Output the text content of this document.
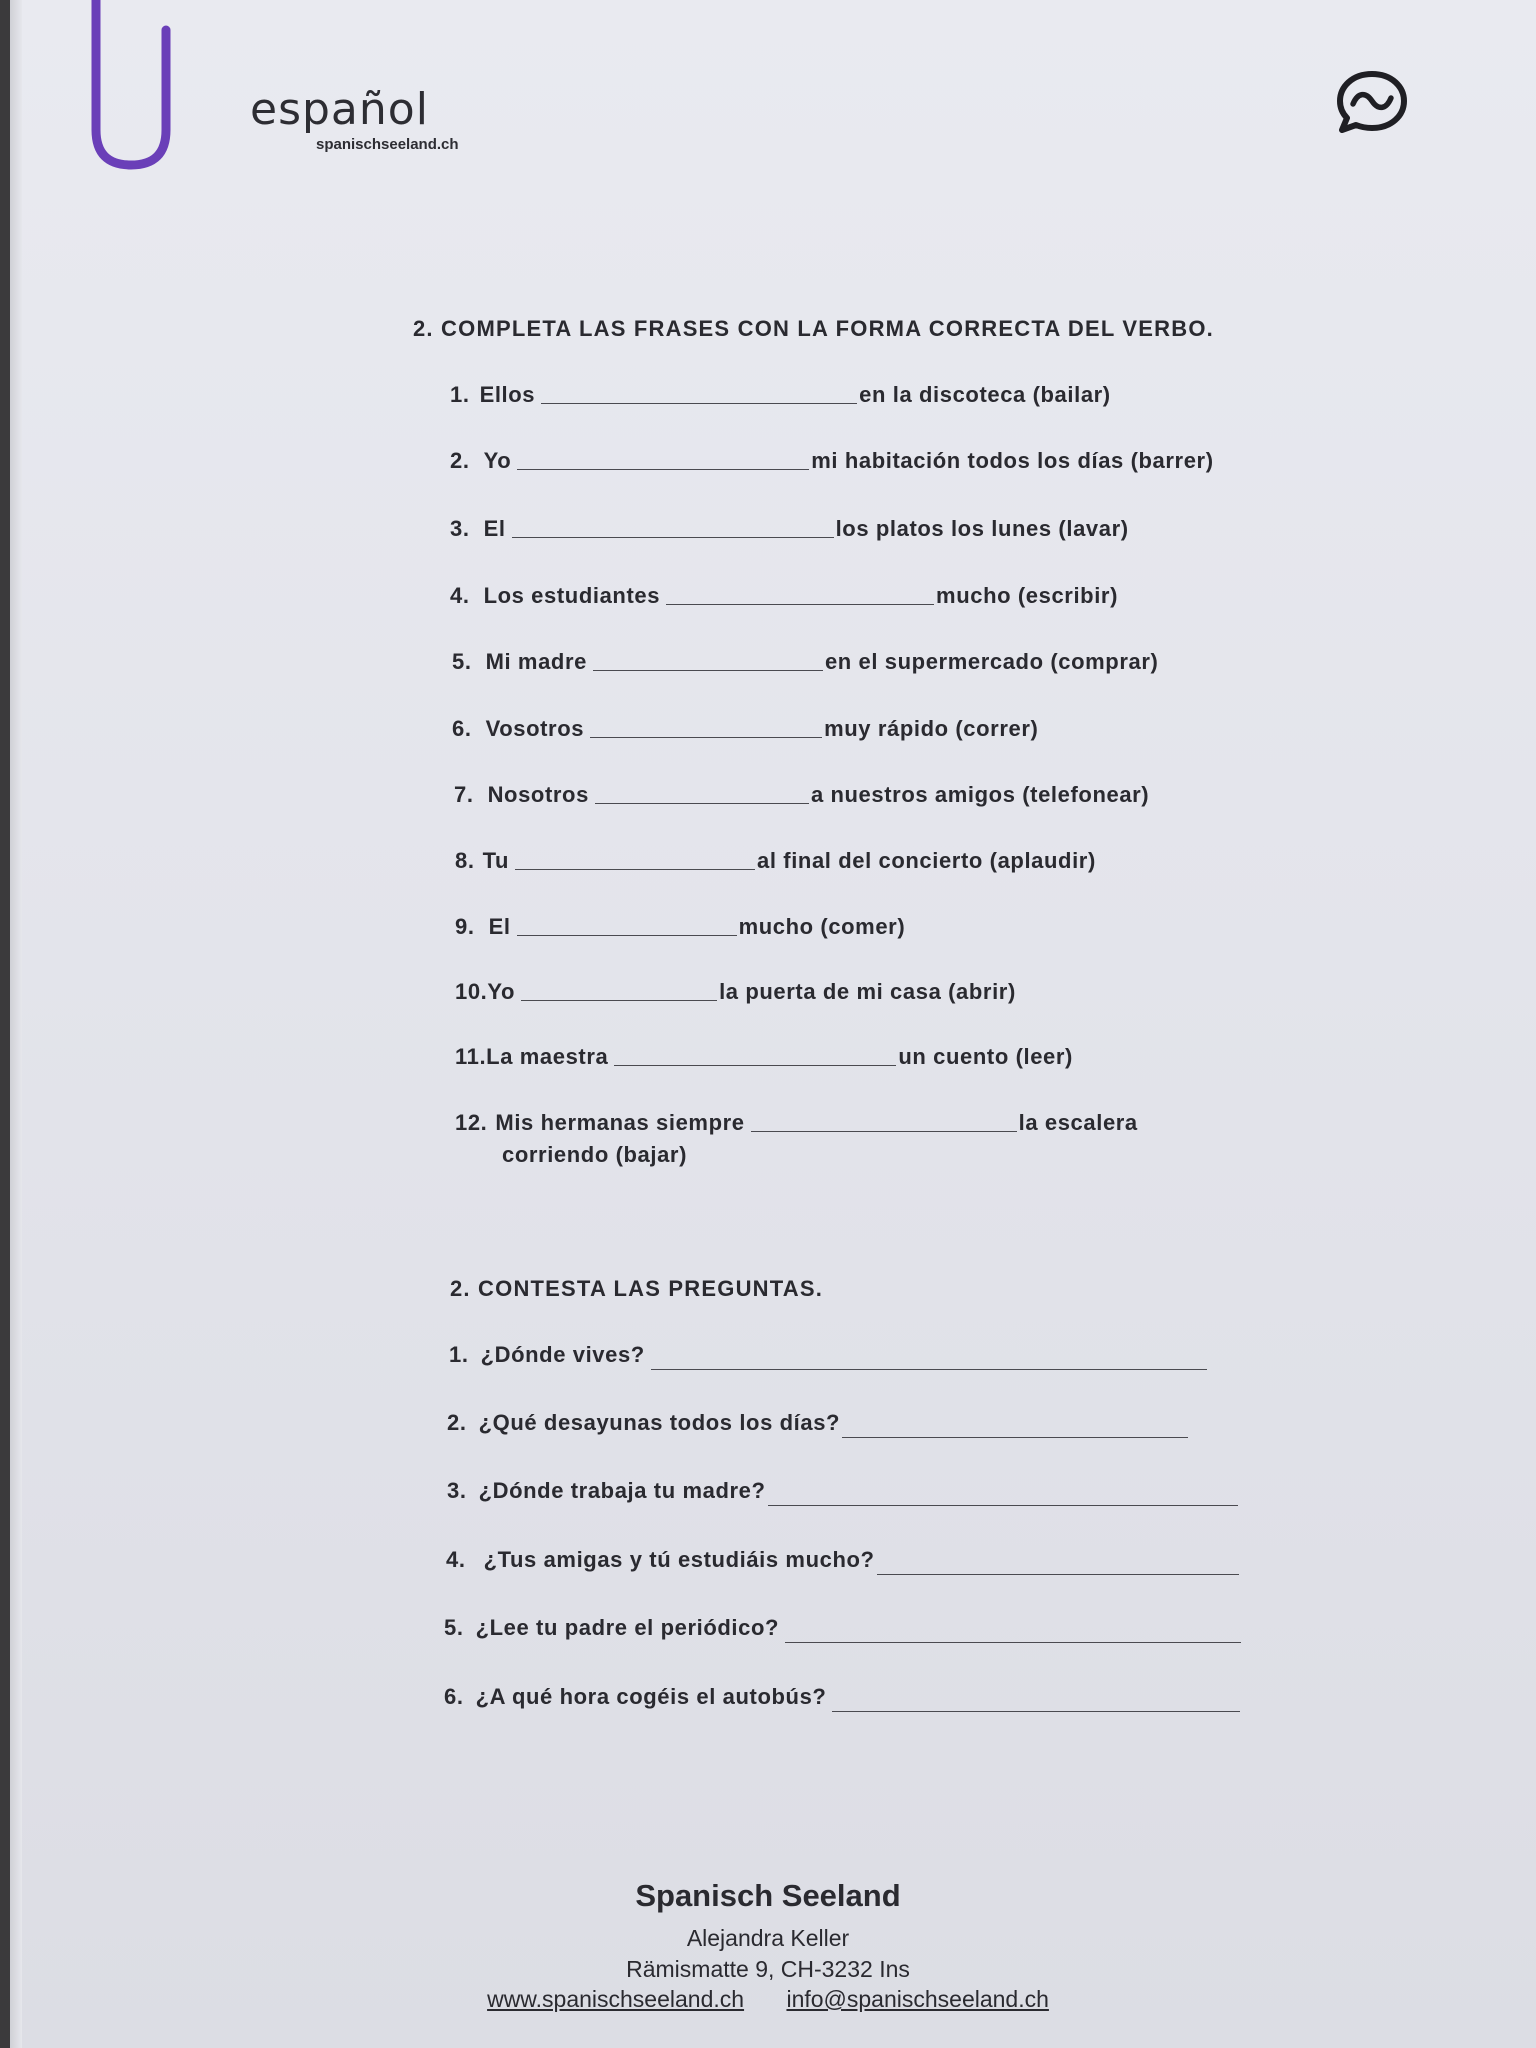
español
spanischseeland.ch
2. COMPLETA LAS FRASES CON LA FORMA CORRECTA DEL VERBO.
1. Ellos	en la discoteca (bailar)
2. Yo	mi habitación todos los días (barrer)
3. El	los platos los lunes (lavar)
4. Los estudiantes	mucho (escribir)
5. Mi madre	en el supermercado (comprar)
6. Vosotros	muy rápido (correr)
7. Nosotros	a nuestros amigos (telefonear)
8. Tu	al final del concierto (aplaudir)
9. El	mucho (comer)
10. Yo	la puerta de mi casa (abrir)
11. La maestra	un cuento (leer)
12. Mis hermanas siempre	la escalera
corriendo (bajar)
2. CONTESTA LAS PREGUNTAS.
1. ¿Dónde vives?
2. ¿Qué desayunas todos los días?
3. ¿Dónde trabaja tu madre?
4. ¿Tus amigas y tú estudiáis mucho?
5. ¿Lee tu padre el periódico?
6. ¿A qué hora cogéis el autobús?
Spanisch Seeland
Alejandra Keller
Rämismatte 9, CH-3232 Ins
www.spanischseeland.ch info@spanischseeland.ch
